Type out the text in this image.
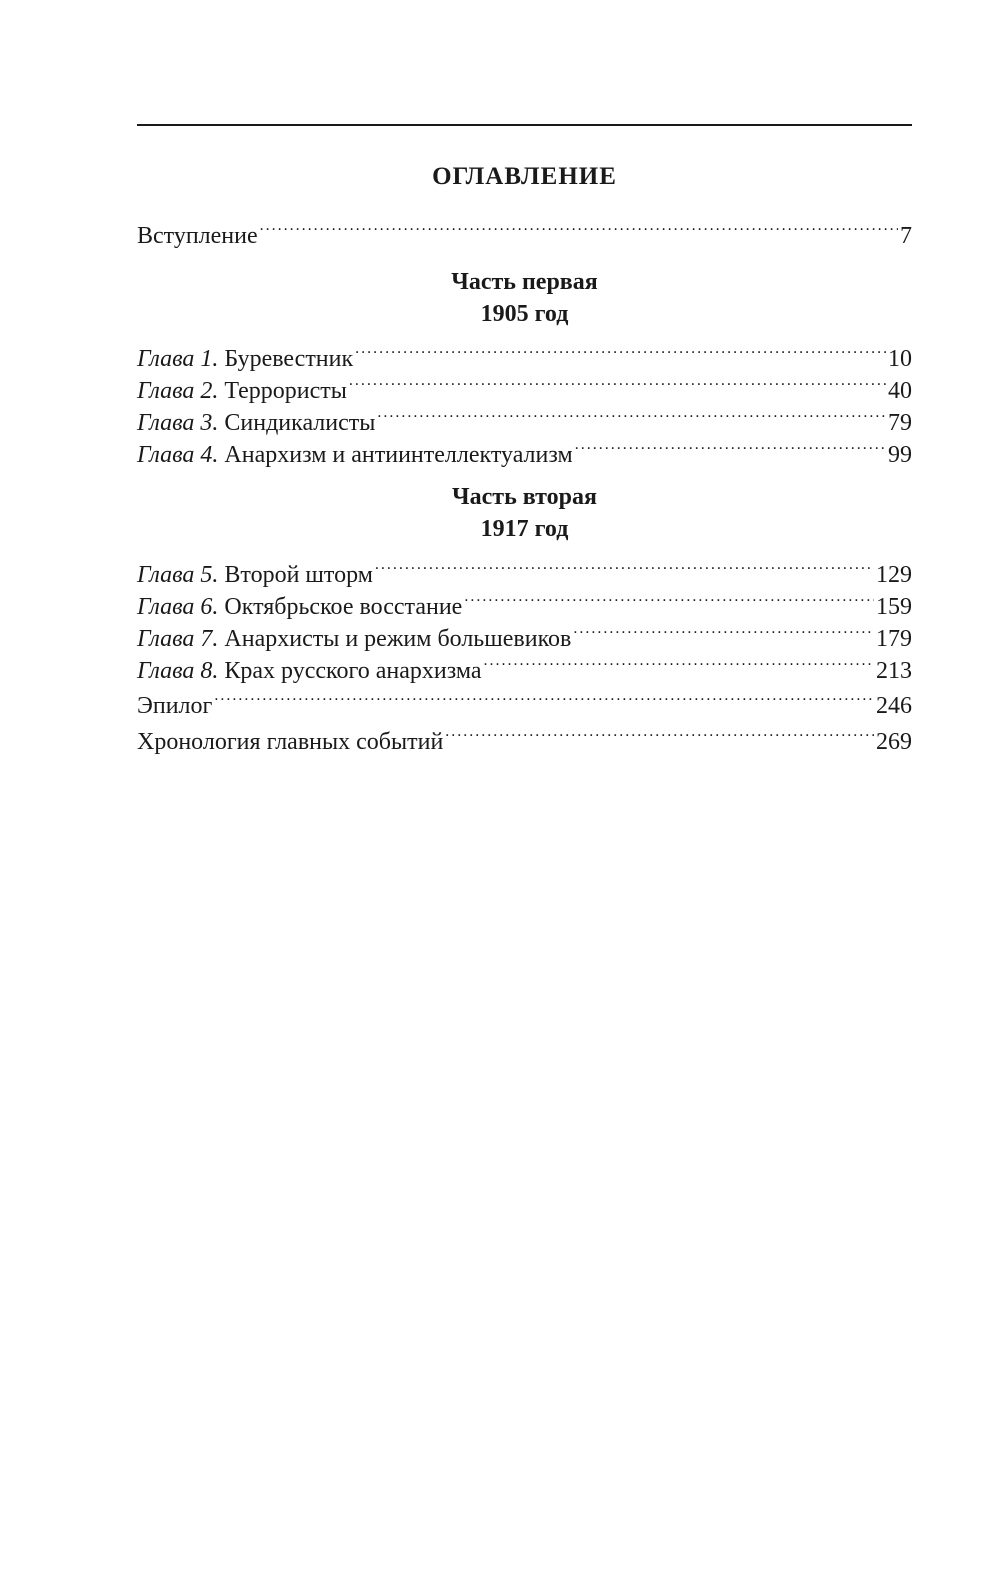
ОГЛАВЛЕНИЕ
Вступление . . .	7
Часть первая
1905 год
Глава 1. Буревестник . . .	10
Глава 2. Террористы . . .	40
Глава 3. Синдикалисты . . .	79
Глава 4. Анархизм и антиинтеллектуализм . . .	99
Часть вторая
1917 год
Глава 5. Второй шторм . . .	129
Глава 6. Октябрьское восстание . . .	159
Глава 7. Анархисты и режим большевиков . . .	179
Глава 8. Крах русского анархизма . . .	213
Эпилог . . .	246
Хронология главных событий . . .	269
